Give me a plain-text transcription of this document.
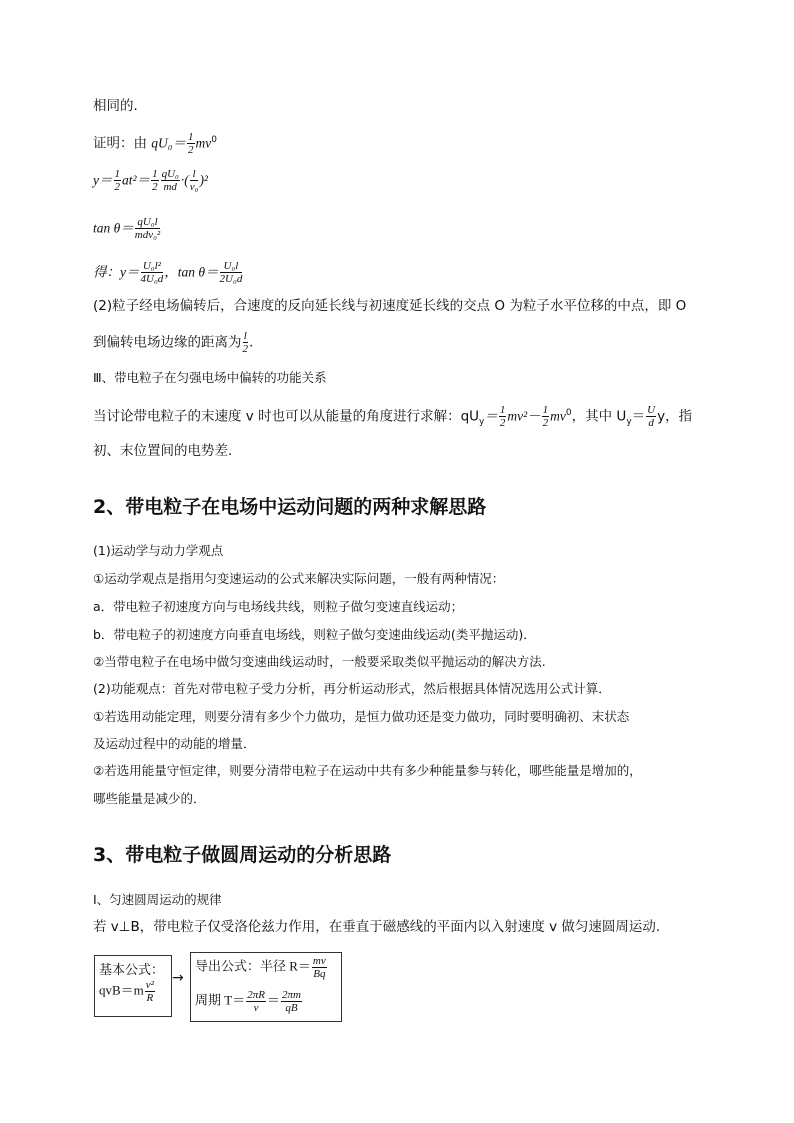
相同的．
证明：由 $qU_0= \frac{1}{2} mv^0$
$y= \frac{1}{2} at^2= \frac{1}{2} \frac{\text{qU₀}}{md}$ ·( $\frac{l}{\text{v₀}} )^2$
$\tan \theta= \frac{\text{qU₀l}}{\text{mdv₀²}}$
得：$y= \frac{\text{U₀l²}}{\text{4U₀d}}$ ，$\tan \theta= \frac{\text{U₀l}}{\text{2U₀d}}$
(2)粒子经电场偏转后，合速度的反向延长线与初速度延长线的交点 O 为粒子水平位移的中点，即 O
到偏转电场边缘的距离为 $\frac{l}{2}$ .
Ⅲ、带电粒子在匀强电场中偏转的功能关系
当讨论带电粒子的末速度 v 时也可以从能量的角度进行求解：$qU_y= \frac{1}{2} mv^2- \frac{1}{2} mv^0$，其中 $U_y= \frac{U}{d}$ y，指
初、末位置间的电势差．
2、带电粒子在电场中运动问题的两种求解思路
(1)运动学与动力学观点
①运动学观点是指用匀变速运动的公式来解决实际问题，一般有两种情况：
a．带电粒子初速度方向与电场线共线，则粒子做匀变速直线运动；
b．带电粒子的初速度方向垂直电场线，则粒子做匀变速曲线运动(类平抛运动)．
②当带电粒子在电场中做匀变速曲线运动时，一般要采取类似平抛运动的解决方法.
(2)功能观点：首先对带电粒子受力分析，再分析运动形式，然后根据具体情况选用公式计算．
①若选用动能定理，则要分清有多少个力做功，是恒力做功还是变力做功，同时要明确初、末状态
及运动过程中的动能的增量．
②若选用能量守恒定律，则要分清带电粒子在运动中共有多少种能量参与转化，哪些能量是增加的，
哪些能量是减少的．
3、带电粒子做圆周运动的分析思路
Ⅰ、匀速圆周运动的规律
若 v⊥B，带电粒子仅受洛伦兹力作用，在垂直于磁感线的平面内以入射速度 v 做匀速圆周运动．
基本公式：
$qvB=m \frac{\text{v²}}{R}$
→
导出公式：半径 $R= \frac{mv}{Bq}$
周期 $T= \frac{2\pi R}{v} = \frac{2\pi m}{qB}$
